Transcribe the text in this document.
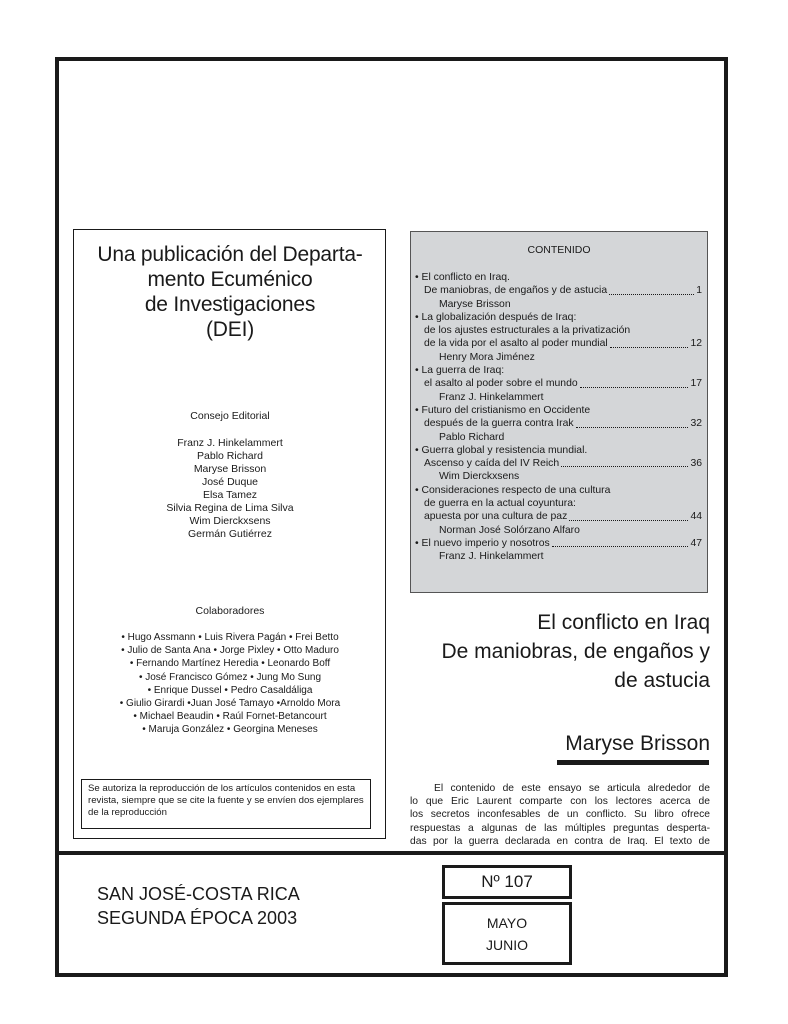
Una publicación del Departa-
mento Ecuménico
de Investigaciones
(DEI)
Consejo Editorial
Franz J. Hinkelammert
Pablo Richard
Maryse Brisson
José Duque
Elsa Tamez
Silvia Regina de Lima Silva
Wim Dierckxsens
Germán Gutiérrez
Colaboradores
• Hugo Assmann • Luis Rivera Pagán • Frei Betto
• Julio de Santa Ana • Jorge Pixley • Otto Maduro
• Fernando Martínez Heredia • Leonardo Boff
• José Francisco Gómez • Jung Mo Sung
• Enrique Dussel • Pedro Casaldáliga
• Giulio Girardi •Juan José Tamayo •Arnoldo Mora
• Michael Beaudin • Raúl Fornet-Betancourt
• Maruja González • Georgina Meneses
Se autoriza la reproducción de los artículos contenidos en esta revista, siempre que se cite la fuente y se envíen dos ejemplares de la reproducción
CONTENIDO
• El conflicto en Iraq.
De maniobras, de engaños y de astucia	1
Maryse Brisson
• La globalización después de Iraq:
de los ajustes estructurales a la privatización
de la vida por el asalto al poder mundial	12
Henry Mora Jiménez
• La guerra de Iraq:
el asalto al poder sobre el mundo	17
Franz J. Hinkelammert
• Futuro del cristianismo en Occidente
después de la guerra contra Irak	32
Pablo Richard
• Guerra global y resistencia mundial.
Ascenso y caída del IV Reich	36
Wim Dierckxsens
• Consideraciones respecto de una cultura
de guerra en la actual coyuntura:
apuesta por una cultura de paz	44
Norman José Solórzano Alfaro
• El nuevo imperio y nosotros	47
Franz J. Hinkelammert
El conflicto en Iraq
De maniobras, de engaños y
de astucia
Maryse Brisson
El contenido de este ensayo se articula alrededor de
lo que Eric Laurent comparte con los lectores acerca de
los secretos inconfesables de un conflicto. Su libro ofrece
respuestas a algunas de las múltiples preguntas desperta-
das por la guerra declarada en contra de Iraq. El texto de
SAN JOSÉ-COSTA RICA
SEGUNDA ÉPOCA 2003
Nº 107
MAYO
JUNIO
